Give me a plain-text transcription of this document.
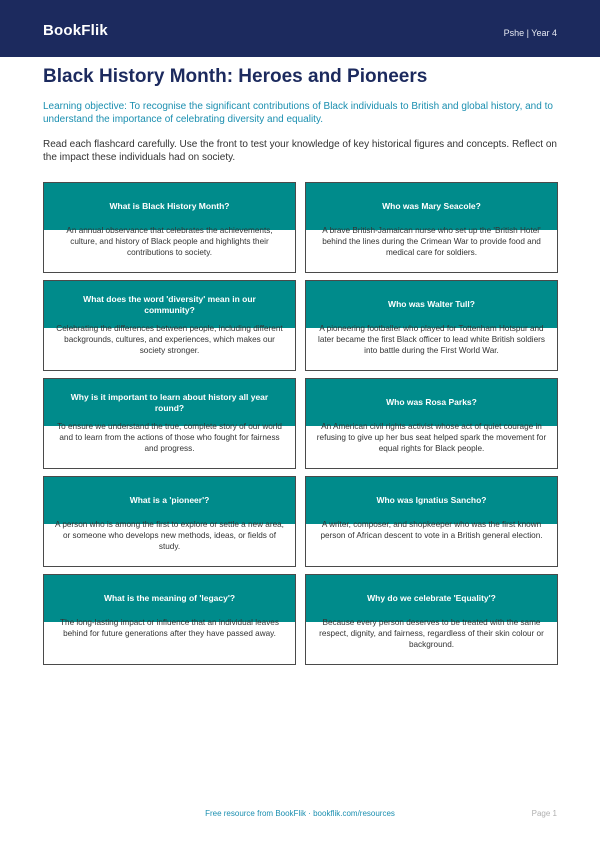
BookFlik	Pshe | Year 4
Black History Month: Heroes and Pioneers
Learning objective: To recognise the significant contributions of Black individuals to British and global history, and to understand the importance of celebrating diversity and equality.
Read each flashcard carefully. Use the front to test your knowledge of key historical figures and concepts. Reflect on the impact these individuals had on society.
What is Black History Month?
An annual observance that celebrates the achievements, culture, and history of Black people and highlights their contributions to society.
Who was Mary Seacole?
A brave British-Jamaican nurse who set up the 'British Hotel' behind the lines during the Crimean War to provide food and medical care for soldiers.
What does the word 'diversity' mean in our community?
Celebrating the differences between people, including different backgrounds, cultures, and experiences, which makes our society stronger.
Who was Walter Tull?
A pioneering footballer who played for Tottenham Hotspur and later became the first Black officer to lead white British soldiers into battle during the First World War.
Why is it important to learn about history all year round?
To ensure we understand the true, complete story of our world and to learn from the actions of those who fought for fairness and progress.
Who was Rosa Parks?
An American civil rights activist whose act of quiet courage in refusing to give up her bus seat helped spark the movement for equal rights for Black people.
What is a 'pioneer'?
A person who is among the first to explore or settle a new area, or someone who develops new methods, ideas, or fields of study.
Who was Ignatius Sancho?
A writer, composer, and shopkeeper who was the first known person of African descent to vote in a British general election.
What is the meaning of 'legacy'?
The long-lasting impact or influence that an individual leaves behind for future generations after they have passed away.
Why do we celebrate 'Equality'?
Because every person deserves to be treated with the same respect, dignity, and fairness, regardless of their skin colour or background.
Free resource from BookFlik · bookflik.com/resources	Page 1
